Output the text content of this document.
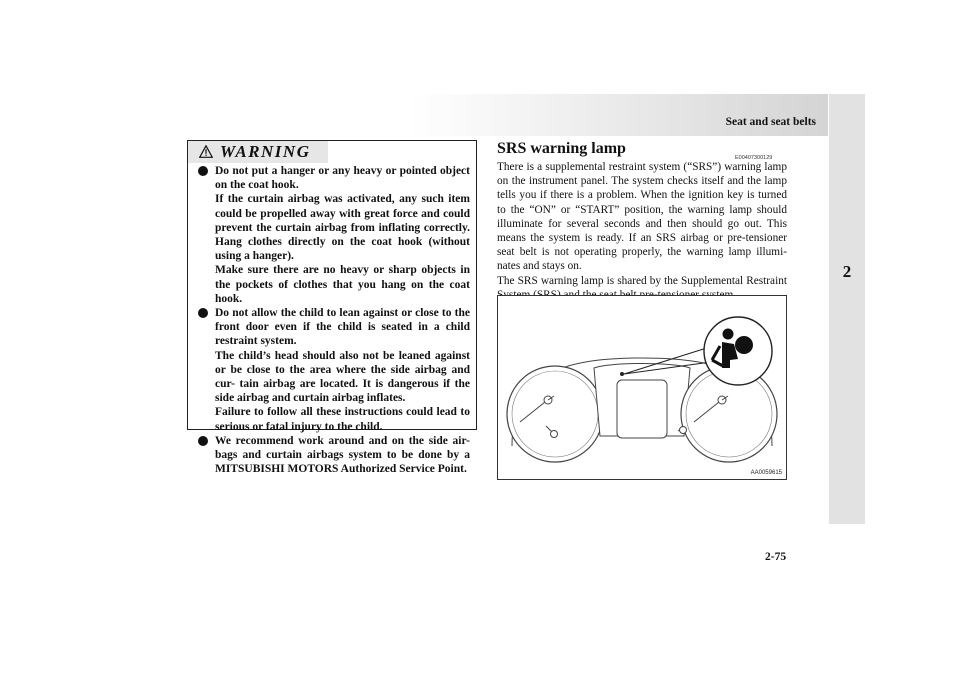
Seat and seat belts
2
WARNING

Do not put a hanger or any heavy or pointed object on the coat hook.

If the curtain airbag was activated, any such item could be propelled away with great force and could prevent the curtain airbag from inflating correctly. Hang clothes directly on the coat hook (without using a hanger).

Make sure there are no heavy or sharp objects in the pockets of clothes that you hang on the coat hook.

Do not allow the child to lean against or close to the front door even if the child is seated in a child restraint system.

The child’s head should also not be leaned against or be close to the area where the side airbag and cur- tain airbag are located. It is dangerous if the side airbag and curtain airbag inflates.

Failure to follow all these instructions could lead to serious or fatal injury to the child.

We recommend work around and on the side air- bags and curtain airbags system to be done by a MITSUBISHI MOTORS Authorized Service Point.

SRS warning lamp
E00407300129

There is a supplemental restraint system (“SRS”) warning lamp on the instrument panel. The system checks itself and the lamp tells you if there is a problem. When the ignition key is turned to the “ON” or “START” position, the warning lamp should illuminate for several seconds and then should go out. This means the system is ready. If an SRS airbag or pre-tensioner seat belt is not operating properly, the warning lamp illumi- nates and stays on.

The SRS warning lamp is shared by the Supplemental Restraint

AA0059615
2-75
